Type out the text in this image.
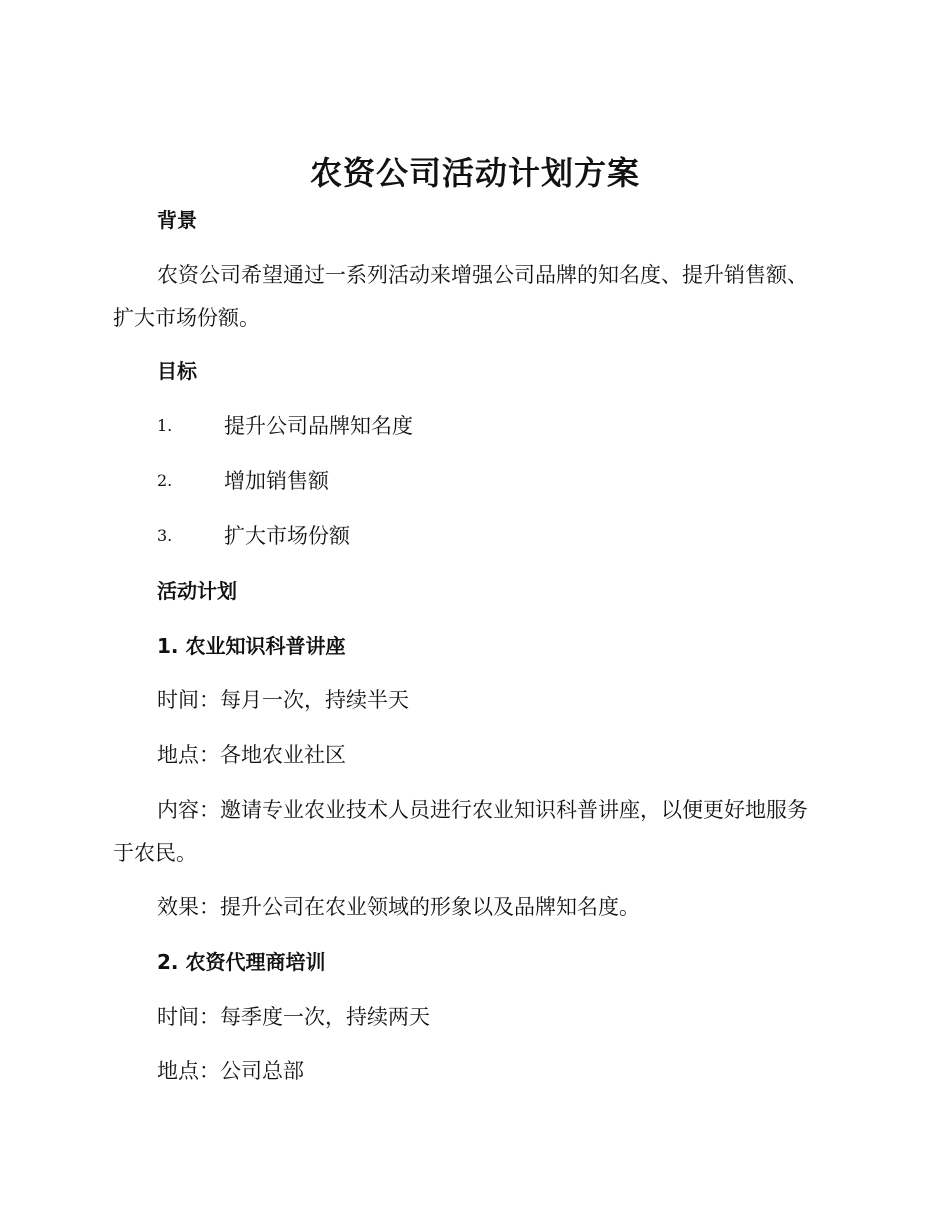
农资公司活动计划方案
背景
农资公司希望通过一系列活动来增强公司品牌的知名度、提升销售额、
扩大市场份额。
目标
1. 提升公司品牌知名度
2. 增加销售额
3. 扩大市场份额
活动计划
1. 农业知识科普讲座
时间：每月一次，持续半天
地点：各地农业社区
内容：邀请专业农业技术人员进行农业知识科普讲座，以便更好地服务
于农民。
效果：提升公司在农业领域的形象以及品牌知名度。
2. 农资代理商培训
时间：每季度一次，持续两天
地点：公司总部
